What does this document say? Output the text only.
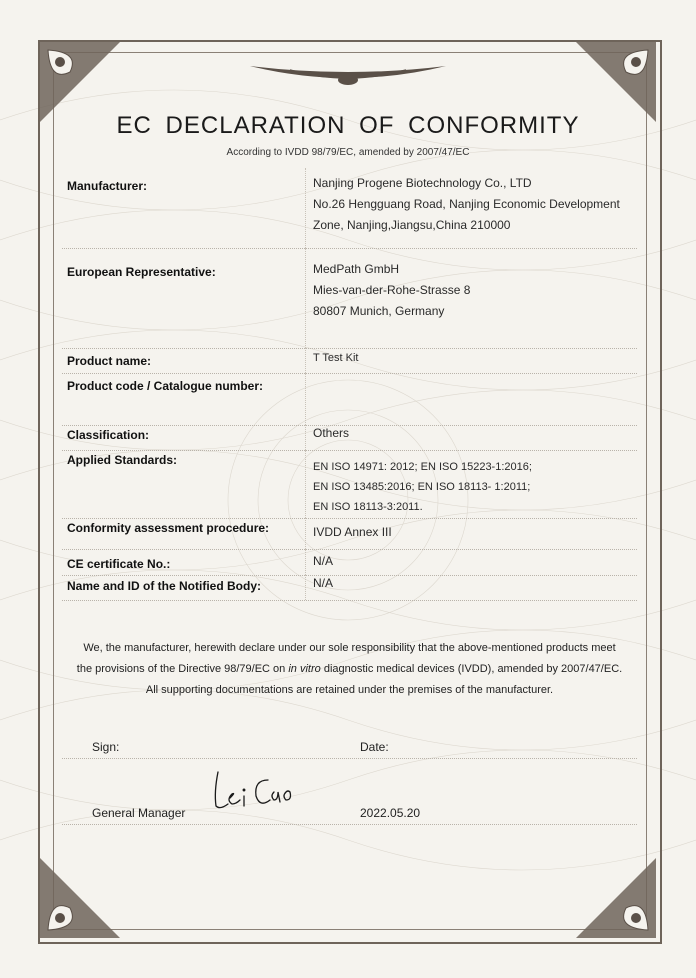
EC DECLARATION OF CONFORMITY
According to IVDD 98/79/EC, amended by 2007/47/EC
Manufacturer:	Nanjing Progene Biotechnology Co., LTD
No.26 Hengguang Road, Nanjing Economic Development
Zone, Nanjing,Jiangsu,China 210000
European Representative:	MedPath GmbH
Mies-van-der-Rohe-Strasse 8
80807 Munich, Germany
Product name:	T Test Kit
Product code / Catalogue number:
Classification:	Others
Applied Standards:	EN ISO 14971: 2012; EN ISO 15223-1:2016;
EN ISO 13485:2016; EN ISO 18113- 1:2011;
EN ISO 18113-3:2011.
Conformity assessment procedure:	IVDD Annex III
CE certificate No.:	N/A
Name and ID of the Notified Body:	N/A
We, the manufacturer, herewith declare under our sole responsibility that the above-mentioned products meet
the provisions of the Directive 98/79/EC on in vitro diagnostic medical devices (IVDD), amended by 2007/47/EC.
All supporting documentations are retained under the premises of the manufacturer.
Sign:	Date:
General Manager	2022.05.20
